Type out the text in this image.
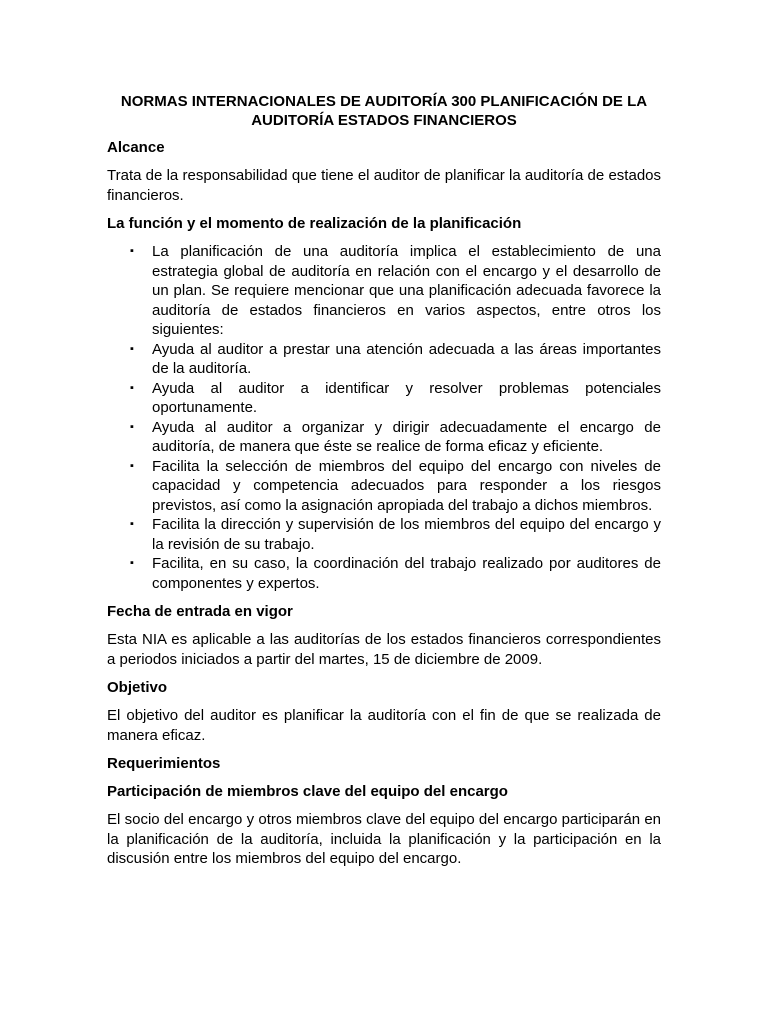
NORMAS INTERNACIONALES DE AUDITORÍA 300 PLANIFICACIÓN DE LA
AUDITORÍA ESTADOS FINANCIEROS
Alcance

Trata de la responsabilidad que tiene el auditor de planificar la auditoría de estados financieros.

La función y el momento de realización de la planificación
▪ La planificación de una auditoría implica el establecimiento de una estrategia global de auditoría en relación con el encargo y el desarrollo de un plan. Se requiere mencionar que una planificación adecuada favorece la auditoría de estados financieros en varios aspectos, entre otros los siguientes:
▪ Ayuda al auditor a prestar una atención adecuada a las áreas importantes de la auditoría.
▪ Ayuda al auditor a identificar y resolver problemas potenciales oportunamente.
▪ Ayuda al auditor a organizar y dirigir adecuadamente el encargo de auditoría, de manera que éste se realice de forma eficaz y eficiente.
▪ Facilita la selección de miembros del equipo del encargo con niveles de capacidad y competencia adecuados para responder a los riesgos previstos, así como la asignación apropiada del trabajo a dichos miembros.
▪ Facilita la dirección y supervisión de los miembros del equipo del encargo y la revisión de su trabajo.
▪ Facilita, en su caso, la coordinación del trabajo realizado por auditores de componentes y expertos.
Fecha de entrada en vigor

Esta NIA es aplicable a las auditorías de los estados financieros correspondientes a periodos iniciados a partir del martes, 15 de diciembre de 2009.

Objetivo

El objetivo del auditor es planificar la auditoría con el fin de que se realizada de manera eficaz.

Requerimientos
Participación de miembros clave del equipo del encargo

El socio del encargo y otros miembros clave del equipo del encargo participarán en la planificación de la auditoría, incluida la planificación y la participación en la discusión entre los miembros del equipo del encargo.
